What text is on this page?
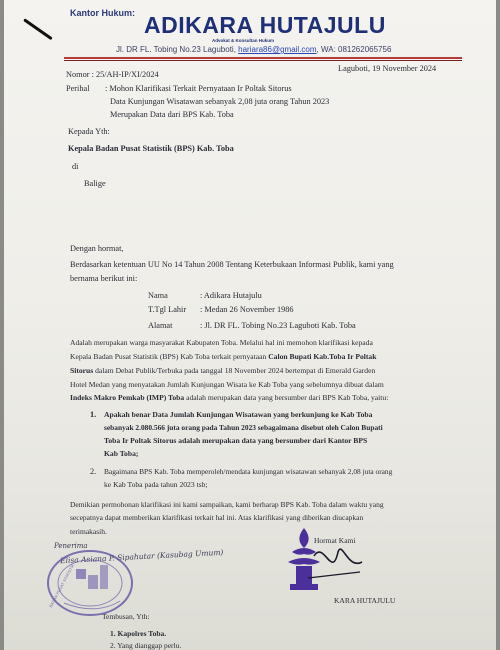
Kantor Hukum: ADIKARA HUTAJULU
Advokat & Konsultan Hukum
Jl. DR FL. Tobing No.23 Laguboti, hariara86@gmail.com, WA: 081262065756
Nomor : 25/AH-IP/XI/2024
Laguboti, 19 November 2024
Perihal : Mohon Klarifikasi Terkait Pernyataan Ir Poltak Sitorus
Data Kunjungan Wisatawan sebanyak 2,08 juta orang Tahun 2023
Merupakan Data dari BPS Kab. Toba
Kepada Yth:
Kepala Badan Pusat Statistik (BPS) Kab. Toba
di
Balige
Dengan hormat,
Berdasarkan ketentuan UU No 14 Tahun 2008 Tentang Keterbukaan Informasi Publik, kami yang
bernama berikut ini:
Nama	: Adikara Hutajulu
T.Tgl Lahir : Medan 26 November 1986
Alamat	: Jl. DR FL. Tobing No.23 Laguboti Kab. Toba
Adalah merupakan warga masyarakat Kabupaten Toba. Melalui hal ini memohon klarifikasi kepada
Kepala Badan Pusat Statistik (BPS) Kab Toba terkait pernyataan Calon Bupati Kab.Toba Ir Poltak
Sitorus dalam Debat Publik/Terbuka pada tanggal 18 November 2024 bertempat di Emerald Garden
Hotel Medan yang menyatakan Jumlah Kunjungan Wisata ke Kab Toba yang sebelumnya dibuat dalam
Indeks Makro Pemkab (IMP) Toba adalah merupakan data yang bersumber dari BPS Kab Toba, yaitu:
1. Apakah benar Data Jumlah Kunjungan Wisatawan yang berkunjung ke Kab Toba
sebanyak 2.080.566 juta orang pada Tahun 2023 sebagaimana disebut oleh Calon Bupati
Toba Ir Poltak Sitorus adalah merupakan data yang bersumber dari Kantor BPS
Kab Toba;
2. Bagaimana BPS Kab. Toba memperoleh/mendata kunjungan wisatawan sebanyak 2,08 juta orang
ke Kab Toba pada tahun 2023 tsb;
Demikian permohonan klarifikasi ini kami sampaikan, kami berharap BPS Kab. Toba dalam waktu yang
secepatnya dapat memberikan klarifikasi terkait hal ini. Atas klarifikasi yang diberikan diucapkan
terimakasih.
Penerima
Elisa Asiana P. Sipahutar (Kasubag Umum)
BADAN PUSAT STATISTIK
Hormat Kami
KARA HUTAJULU
Tembusan, Yth:
1. Kapolres Toba.
2. Yang dianggap perlu.
